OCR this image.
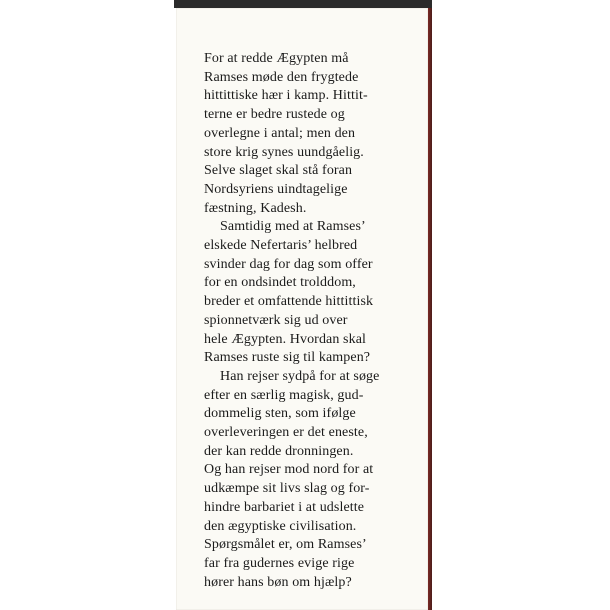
For at redde Ægypten må
Ramses møde den frygtede
hittittiske hær i kamp. Hittit-
terne er bedre rustede og
overlegne i antal; men den
store krig synes uundgåelig.
Selve slaget skal stå foran
Nordsyriens uindtagelige
fæstning, Kadesh.
Samtidig med at Ramses’
elskede Nefertaris’ helbred
svinder dag for dag som offer
for en ondsindet trolddom,
breder et omfattende hittittisk
spionnetværk sig ud over
hele Ægypten. Hvordan skal
Ramses ruste sig til kampen?
Han rejser sydpå for at søge
efter en særlig magisk, gud-
dommelig sten, som ifølge
overleveringen er det eneste,
der kan redde dronningen.
Og han rejser mod nord for at
udkæmpe sit livs slag og for-
hindre barbariet i at udslette
den ægyptiske civilisation.
Spørgsmålet er, om Ramses’
far fra gudernes evige rige
hører hans bøn om hjælp?
